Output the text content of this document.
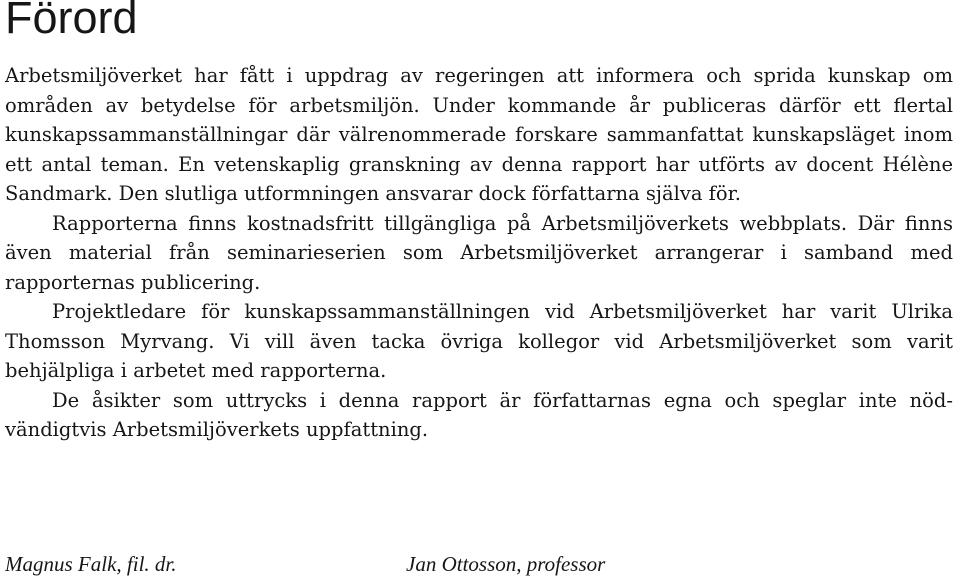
Förord

Arbetsmiljöverket har fått i uppdrag av regeringen att informera och sprida kunskap om områden av betydelse för arbetsmiljön. Under kommande år publiceras därför ett flertal kunskapssammanställningar där välrenommerade forskare sammanfattat kunskapsläget inom ett antal teman. En vetenskaplig granskning av denna rapport har utförts av docent Hélène Sandmark. Den slutliga utformningen ansvarar dock författarna själva för.

Rapporterna finns kostnadsfritt tillgängliga på Arbetsmiljöverkets webbplats. Där finns även material från seminarieserien som Arbetsmiljöverket arrangerar i samband med rapporternas publicering.

Projektledare för kunskapssammanställningen vid Arbetsmiljöverket har varit Ulrika Thomsson Myrvang. Vi vill även tacka övriga kollegor vid Arbetsmiljöverket som varit behjälpliga i arbetet med rapporterna.

De åsikter som uttrycks i denna rapport är författarnas egna och speglar inte nödvändigtvis Arbetsmiljöverkets uppfattning.

Magnus Falk, fil. dr.	Jan Ottosson, professor
